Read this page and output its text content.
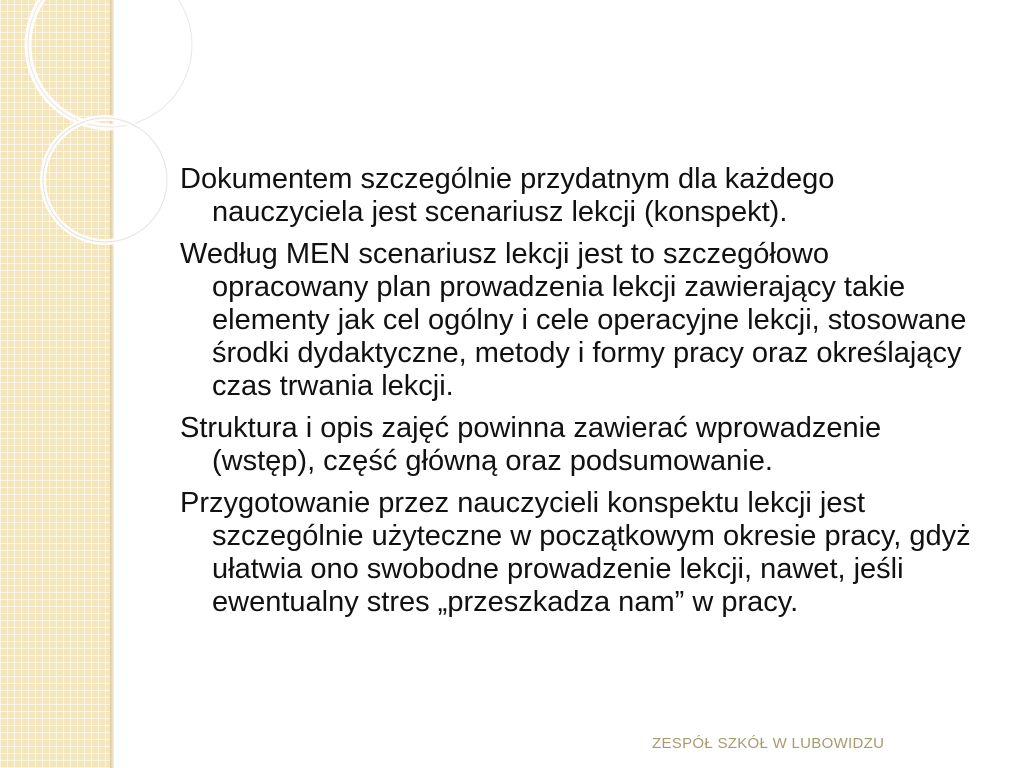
Dokumentem szczególnie przydatnym dla każdego nauczyciela jest scenariusz lekcji (konspekt).

Według MEN scenariusz lekcji jest to szczegółowo opracowany plan prowadzenia lekcji zawierający takie elementy jak cel ogólny i cele operacyjne lekcji, stosowane środki dydaktyczne, metody i formy pracy oraz określający czas trwania lekcji.

Struktura i opis zajęć powinna zawierać wprowadzenie (wstęp), część główną oraz podsumowanie.

Przygotowanie przez nauczycieli konspektu lekcji jest szczególnie użyteczne w początkowym okresie pracy, gdyż ułatwia ono swobodne prowadzenie lekcji, nawet, jeśli ewentualny stres „przeszkadza nam” w pracy.

ZESPÓŁ SZKÓŁ W LUBOWIDZU
